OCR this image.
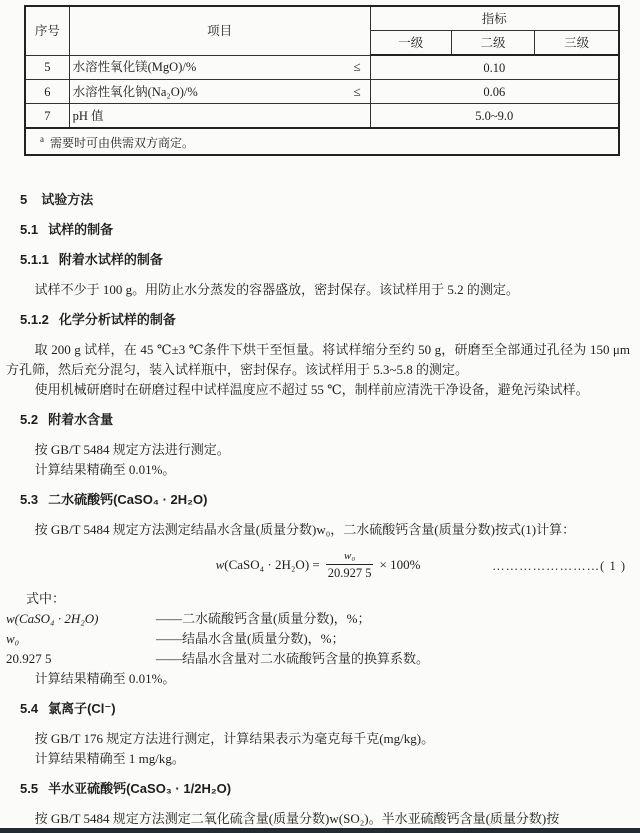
序号	项目	指标		
		一级	二级	三级
5	水溶性氧化镁(MgO)/% ≤	0.10		
6	水溶性氧化钠(Na₂O)/% ≤	0.06		
7	pH 值	5.0~9.0		
$^a$ 需要时可由供需双方商定。				
5 试验方法
5.1 试样的制备
5.1.1 附着水试样的制备

试样不少于 100 g。用防止水分蒸发的容器盛放，密封保存。该试样用于 5.2 的测定。

5.1.2 化学分析试样的制备

取 200 g 试样，在 45 ℃±3 ℃条件下烘干至恒量。将试样缩分至约 50 g，研磨至全部通过孔径为 150 μm 方孔筛，然后充分混匀，装入试样瓶中，密封保存。该试样用于 5.3~5.8 的测定。

使用机械研磨时在研磨过程中试样温度应不超过 55 ℃，制样前应清洗干净设备，避免污染试样。

5.2 附着水含量

按 GB/T 5484 规定方法进行测定。

计算结果精确至 0.01%。

5.3 二水硫酸钙(CaSO₄ · 2H₂O)

按 GB/T 5484 规定方法测定结晶水含量(质量分数)w₀，二水硫酸钙含量(质量分数)按式(1)计算：

w(CaSO₄ · $2H_2O) = \frac{\text{w₀}}{20.927 5} \times 100\%$	……………………( 1 )

式中：

w(CaSO₄ · 2H₂O)	——二水硫酸钙含量(质量分数)，%；
w₀	——结晶水含量(质量分数)，%；
20.927 5	——结晶水含量对二水硫酸钙含量的换算系数。

计算结果精确至 0.01%。

5.4 氯离子(Cl⁻)

按 GB/T 176 规定方法进行测定，计算结果表示为毫克每千克(mg/kg)。

计算结果精确至 1 mg/kg。

5.5 半水亚硫酸钙(CaSO₃ · 1/2H₂O)

按 GB/T 5484 规定方法测定二氧化硫含量(质量分数)w(SO₂)。半水亚硫酸钙含量(质量分数)按
